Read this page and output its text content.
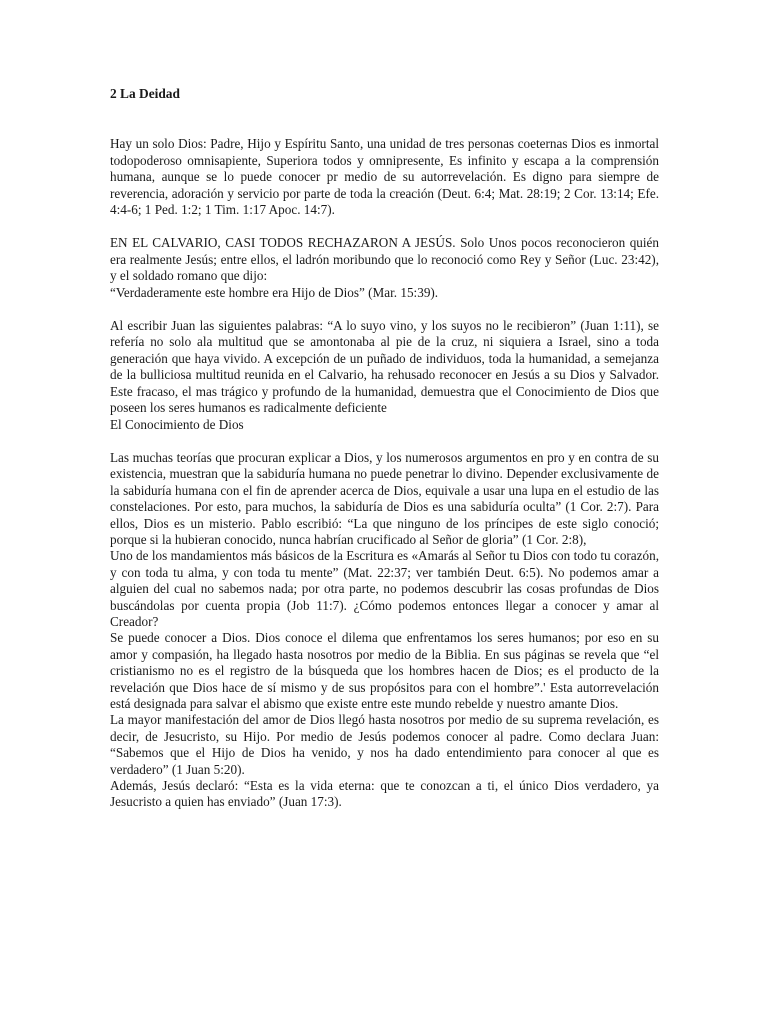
2 La Deidad

Hay un solo Dios: Padre, Hijo y Espíritu Santo, una unidad de tres personas coeternas Dios es inmortal todopoderoso omnisapiente, Superiora todos y omnipresente, Es infinito y escapa a la comprensión humana, aunque se lo puede conocer pr medio de su autorrevelación. Es digno para siempre de reverencia, adoración y servicio por parte de toda la creación (Deut. 6:4; Mat. 28:19; 2 Cor. 13:14; Efe. 4:4-6; 1 Ped. 1:2; 1 Tim. 1:17 Apoc. 14:7).

EN EL CALVARIO, CASI TODOS RECHAZARON A JESÚS. Solo Unos pocos reconocieron quién era realmente Jesús; entre ellos, el ladrón moribundo que lo reconoció como Rey y Señor (Luc. 23:42), y el soldado romano que dijo:

“Verdaderamente este hombre era Hijo de Dios” (Mar. 15:39).

Al escribir Juan las siguientes palabras: “A lo suyo vino, y los suyos no le recibieron” (Juan 1:11), se refería no solo ala multitud que se amontonaba al pie de la cruz, ni siquiera a Israel, sino a toda generación que haya vivido. A excepción de un puñado de individuos, toda la humanidad, a semejanza de la bulliciosa multitud reunida en el Calvario, ha rehusado reconocer en Jesús a su Dios y Salvador. Este fracaso, el mas trágico y profundo de la humanidad, demuestra que el Conocimiento de Dios que poseen los seres humanos es radicalmente deficiente

El Conocimiento de Dios

Las muchas teorías que procuran explicar a Dios, y los numerosos argumentos en pro y en contra de su existencia, muestran que la sabiduría humana no puede penetrar lo divino. Depender exclusivamente de la sabiduría humana con el fin de aprender acerca de Dios, equivale a usar una lupa en el estudio de las constelaciones. Por esto, para muchos, la sabiduría de Dios es una sabiduría oculta” (1 Cor. 2:7). Para ellos, Dios es un misterio. Pablo escribió: “La que ninguno de los príncipes de este siglo conoció; porque si la hubieran conocido, nunca habrían crucificado al Señor de gloria” (1 Cor. 2:8),

Uno de los mandamientos más básicos de la Escritura es «Amarás al Señor tu Dios con todo tu corazón, y con toda tu alma, y con toda tu mente” (Mat. 22:37; ver también Deut. 6:5). No podemos amar a alguien del cual no sabemos nada; por otra parte, no podemos descubrir las cosas profundas de Dios buscándolas por cuenta propia (Job 11:7). ¿Cómo podemos entonces llegar a conocer y amar al Creador?

Se puede conocer a Dios. Dios conoce el dilema que enfrentamos los seres humanos; por eso en su amor y compasión, ha llegado hasta nosotros por medio de la Biblia. En sus páginas se revela que “el cristianismo no es el registro de la búsqueda que los hombres hacen de Dios; es el producto de la revelación que Dios hace de sí mismo y de sus propósitos para con el hombre”.' Esta autorrevelación está designada para salvar el abismo que existe entre este mundo rebelde y nuestro amante Dios.

La mayor manifestación del amor de Dios llegó hasta nosotros por medio de su suprema revelación, es decir, de Jesucristo, su Hijo. Por medio de Jesús podemos conocer al padre. Como declara Juan: “Sabemos que el Hijo de Dios ha venido, y nos ha dado entendimiento para conocer al que es verdadero” (1 Juan 5:20).

Además, Jesús declaró: “Esta es la vida eterna: que te conozcan a ti, el único Dios verdadero, ya Jesucristo a quien has enviado” (Juan 17:3).
